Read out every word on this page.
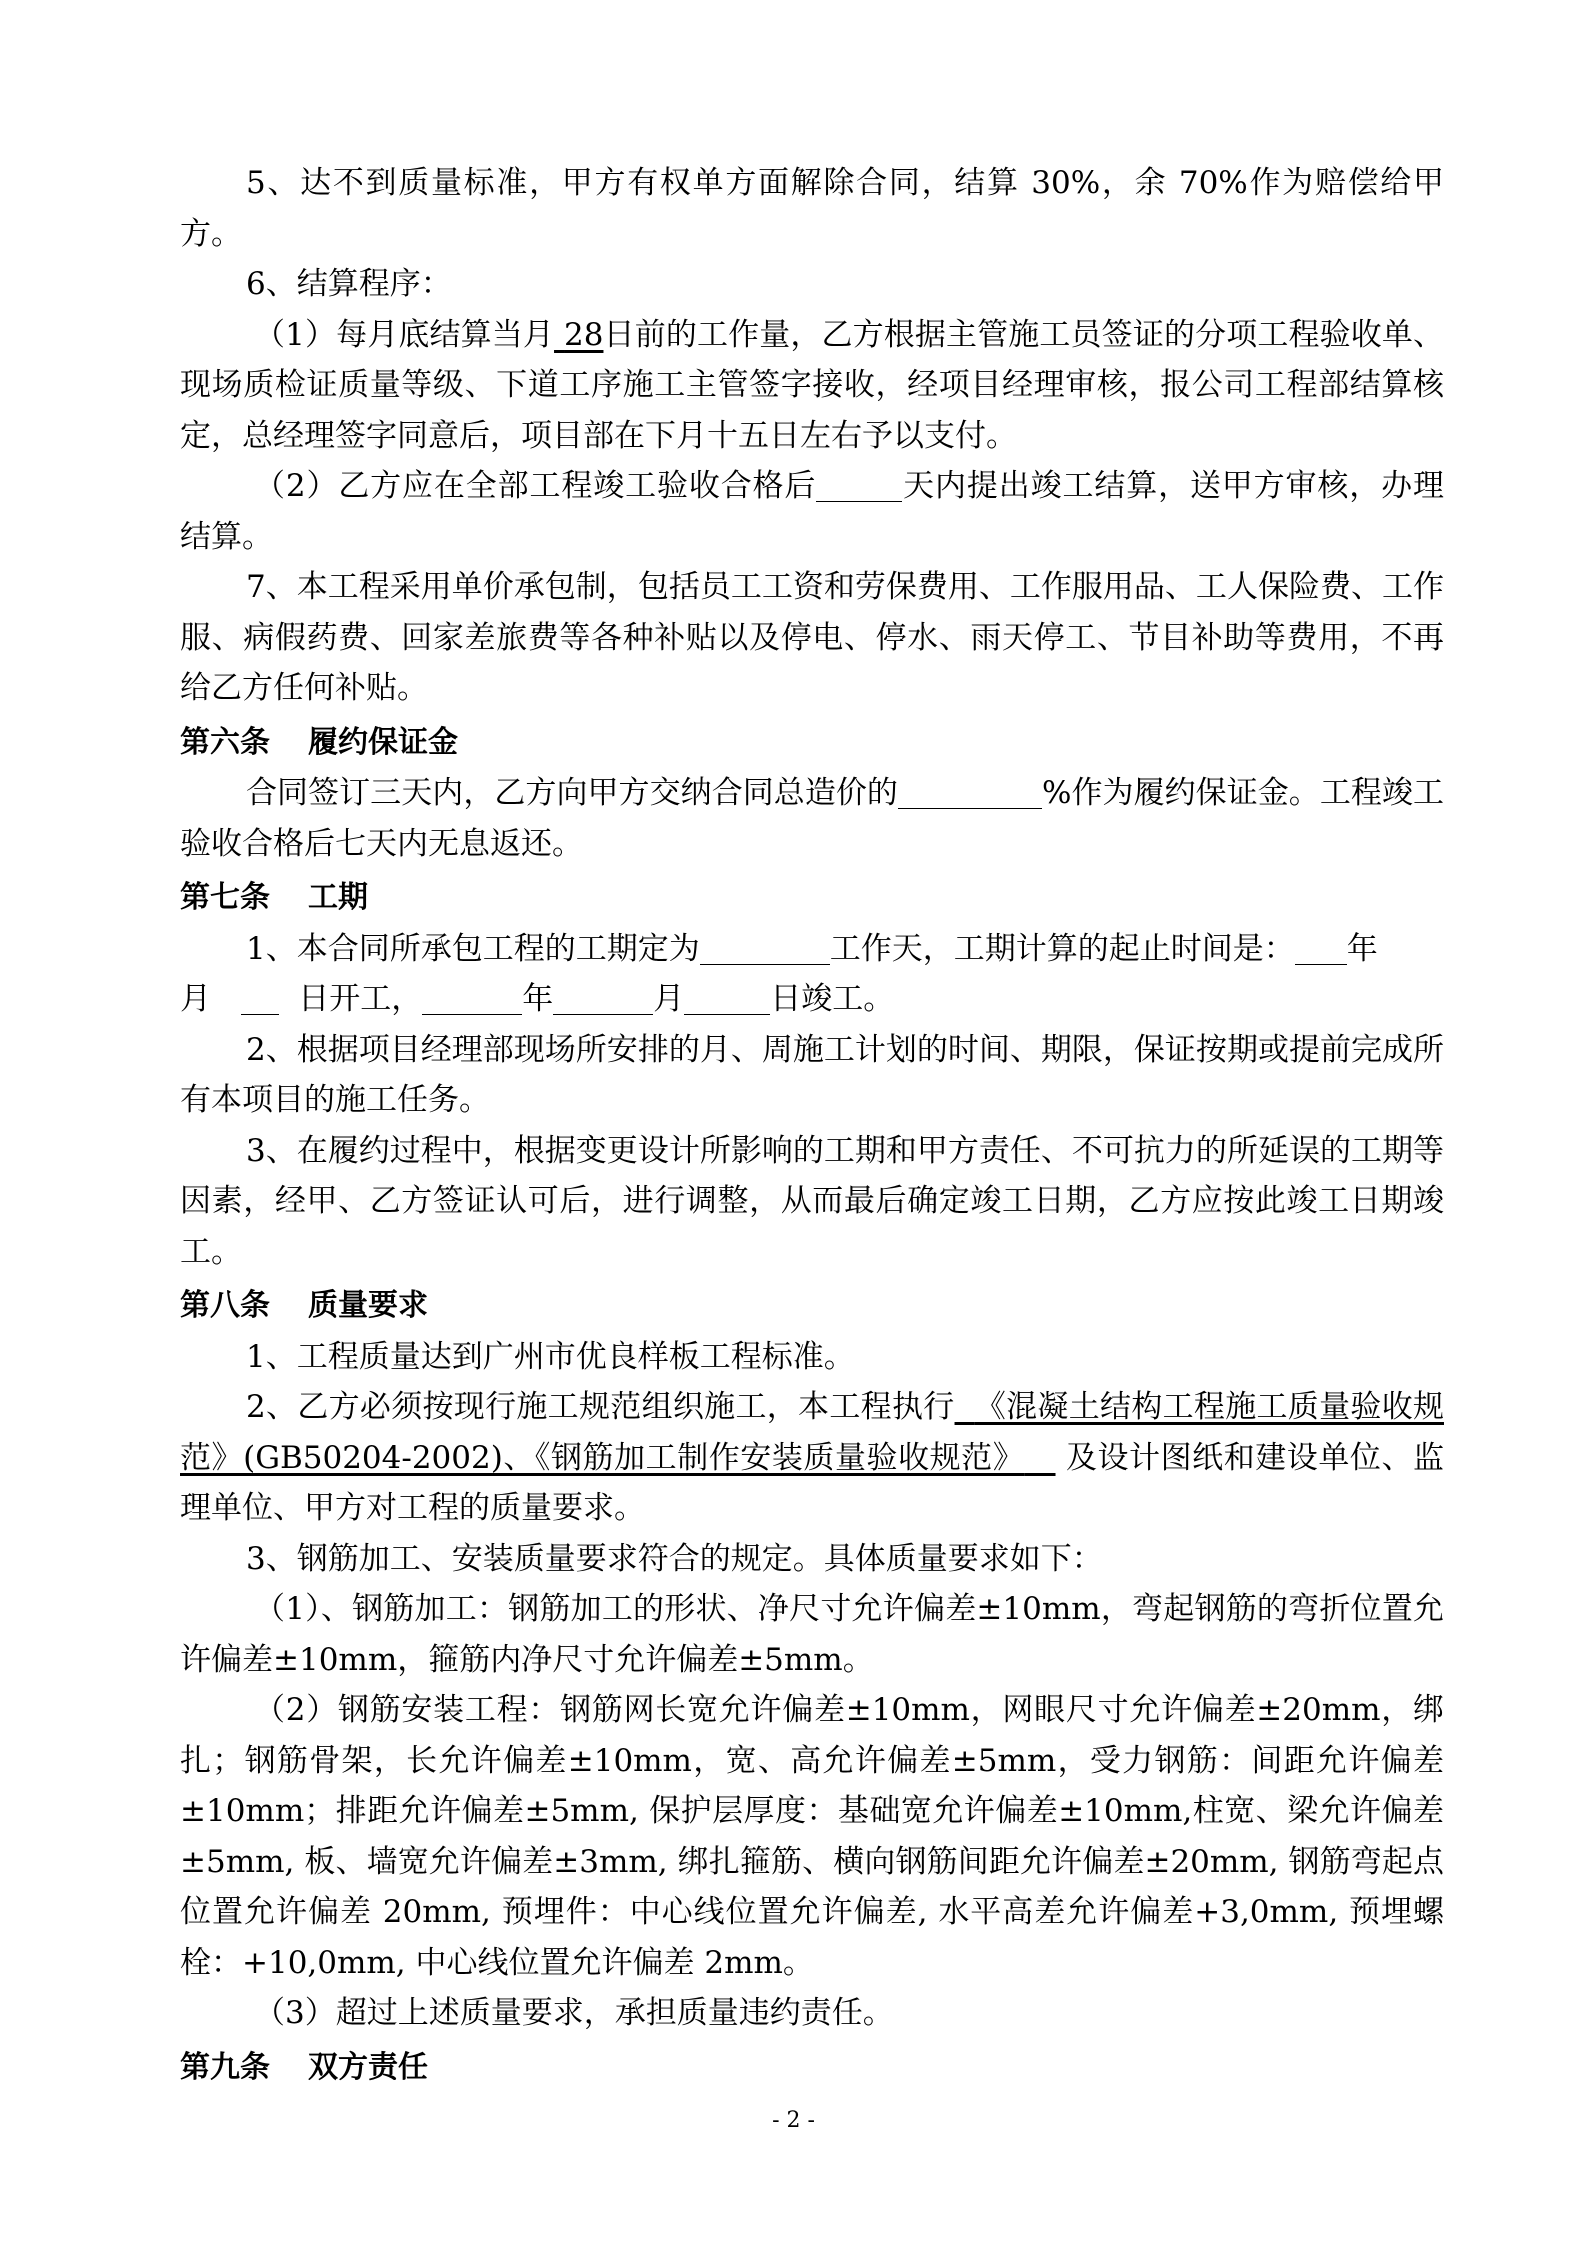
5、达不到质量标准，甲方有权单方面解除合同，结算 30%，余 70%作为赔偿给甲方。

6、结算程序：

（1）每月底结算当月 28日前的工作量，乙方根据主管施工员签证的分项工程验收单、现场质检证质量等级、下道工序施工主管签字接收，经项目经理审核，报公司工程部结算核定，总经理签字同意后，项目部在下月十五日左右予以支付。

（2）乙方应在全部工程竣工验收合格后	天内提出竣工结算，送甲方审核，办理结算。

7、本工程采用单价承包制，包括员工工资和劳保费用、工作服用品、工人保险费、工作服、病假药费、回家差旅费等各种补贴以及停电、停水、雨天停工、节目补助等费用，不再给乙方任何补贴。

第六条 履约保证金

合同签订三天内，乙方向甲方交纳合同总造价的	%作为履约保证金。工程竣工验收合格后七天内无息返还。

第七条 工期

1、本合同所承包工程的工期定为	工作天，工期计算的起止时间是： 年
月	日开工，	年	月	日竣工。

2、根据项目经理部现场所安排的月、周施工计划的时间、期限，保证按期或提前完成所有本项目的施工任务。

3、在履约过程中，根据变更设计所影响的工期和甲方责任、不可抗力的所延误的工期等因素，经甲、乙方签证认可后，进行调整，从而最后确定竣工日期，乙方应按此竣工日期竣工。

第八条 质量要求

1、工程质量达到广州市优良样板工程标准。

2、乙方必须按现行施工规范组织施工，本工程执行 《混凝土结构工程施工质量验收规范》(GB50204-2002)、《钢筋加工制作安装质量验收规范》 及设计图纸和建设单位、监理单位、甲方对工程的质量要求。

3、钢筋加工、安装质量要求符合的规定。具体质量要求如下：

（1）、钢筋加工：钢筋加工的形状、净尺寸允许偏差±10mm，弯起钢筋的弯折位置允许偏差±10mm，箍筋内净尺寸允许偏差±5mm。

（2）钢筋安装工程：钢筋网长宽允许偏差±10mm，网眼尺寸允许偏差±20mm，绑扎；钢筋骨架，长允许偏差±10mm，宽、高允许偏差±5mm，受力钢筋：间距允许偏差±10mm；排距允许偏差±5mm, 保护层厚度：基础宽允许偏差±10mm,柱宽、梁允许偏差±5mm, 板、墙宽允许偏差±3mm, 绑扎箍筋、横向钢筋间距允许偏差±20mm, 钢筋弯起点位置允许偏差 20mm, 预埋件：中心线位置允许偏差, 水平高差允许偏差+3,0mm, 预埋螺栓：+10,0mm, 中心线位置允许偏差 2mm。

（3）超过上述质量要求，承担质量违约责任。

第九条 双方责任

- 2 -
